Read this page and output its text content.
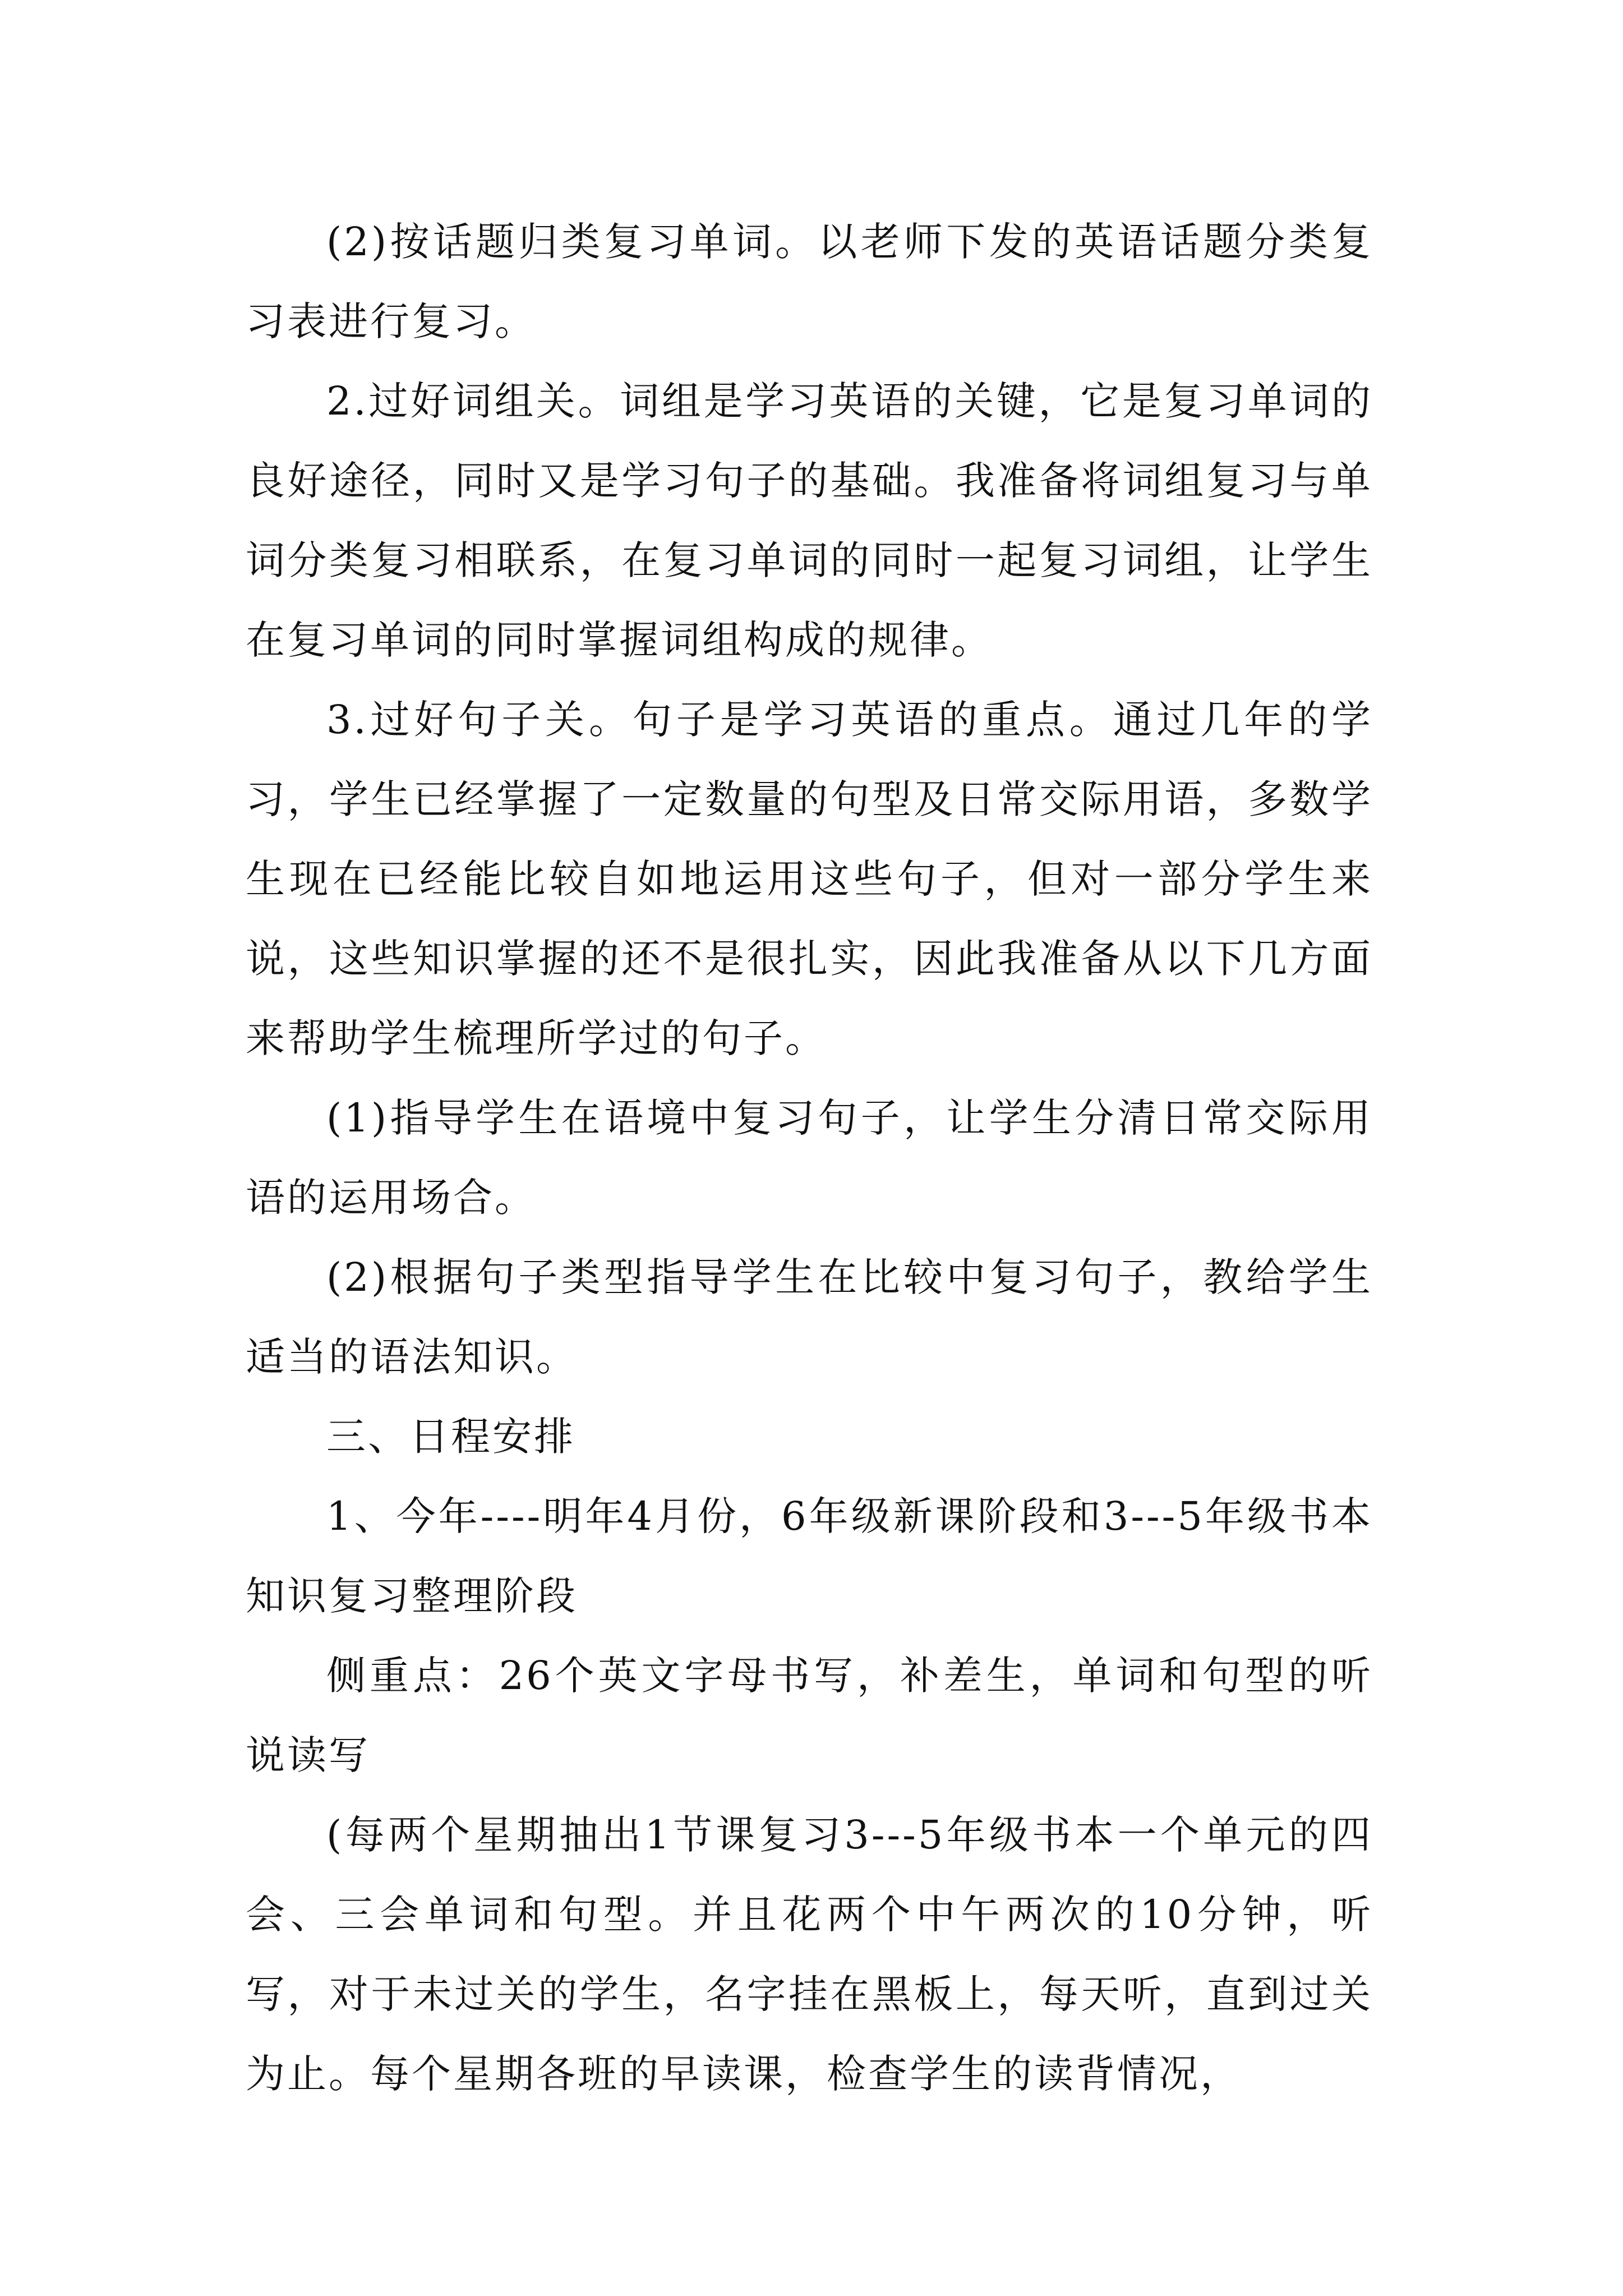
(2)按话题归类复习单词。以老师下发的英语话题分类复习表进行复习。

2.过好词组关。词组是学习英语的关键，它是复习单词的良好途径，同时又是学习句子的基础。我准备将词组复习与单词分类复习相联系，在复习单词的同时一起复习词组，让学生在复习单词的同时掌握词组构成的规律。

3.过好句子关。句子是学习英语的重点。通过几年的学习，学生已经掌握了一定数量的句型及日常交际用语，多数学生现在已经能比较自如地运用这些句子，但对一部分学生来说，这些知识掌握的还不是很扎实，因此我准备从以下几方面来帮助学生梳理所学过的句子。

(1)指导学生在语境中复习句子，让学生分清日常交际用语的运用场合。

(2)根据句子类型指导学生在比较中复习句子，教给学生适当的语法知识。

三、日程安排

1、今年----明年4月份，6年级新课阶段和3---5年级书本知识复习整理阶段

侧重点：26个英文字母书写，补差生，单词和句型的听说读写

(每两个星期抽出1节课复习3---5年级书本一个单元的四会、三会单词和句型。并且花两个中午两次的10分钟，听写，对于未过关的学生，名字挂在黑板上，每天听，直到过关为止。每个星期各班的早读课，检查学生的读背情况，
